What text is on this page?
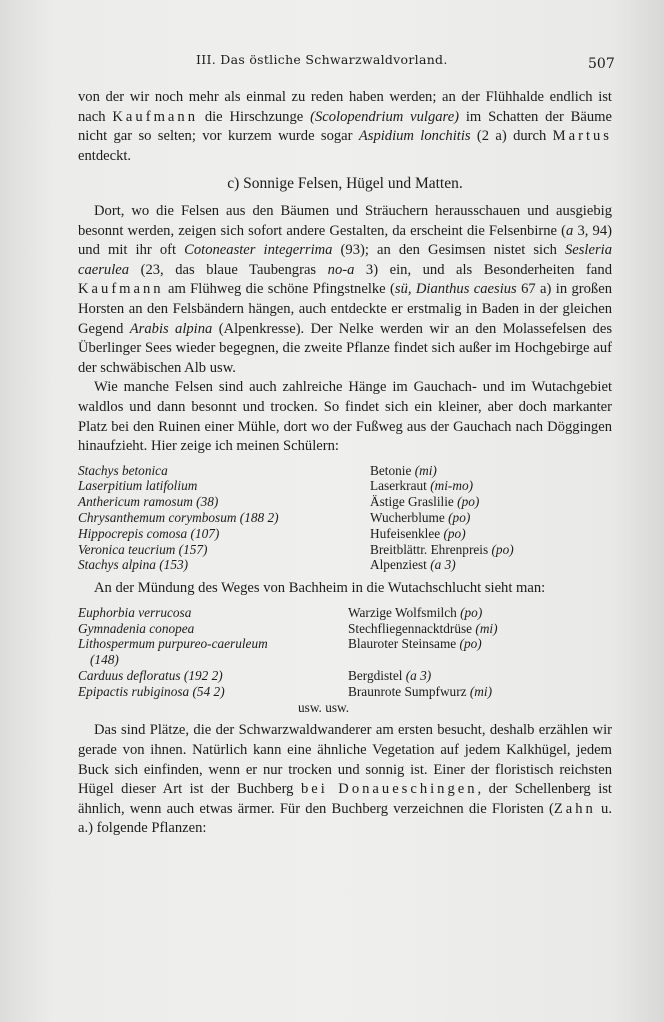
III. Das östliche Schwarzwaldvorland.	507

von der wir noch mehr als einmal zu reden haben werden; an der Flühhalde endlich ist nach Kaufmann die Hirschzunge (Scolopendrium vulgare) im Schatten der Bäume nicht gar so selten; vor kurzem wurde sogar Aspidium lonchitis (2 a) durch Martus entdeckt.

c) Sonnige Felsen, Hügel und Matten.

Dort, wo die Felsen aus den Bäumen und Sträuchern herausschauen und ausgiebig besonnt werden, zeigen sich sofort andere Gestalten, da erscheint die Felsenbirne (a 3, 94) und mit ihr oft Cotoneaster integerrima (93); an den Gesimsen nistet sich Sesleria caerulea (23, das blaue Taubengras no-a 3) ein, und als Besonderheiten fand Kaufmann am Flühweg die schöne Pfingstnelke (sü, Dianthus caesius 67 a) in großen Horsten an den Felsbändern hängen, auch entdeckte er erstmalig in Baden in der gleichen Gegend Arabis alpina (Alpenkresse). Der Nelke werden wir an den Molassefelsen des Überlinger Sees wieder begegnen, die zweite Pflanze findet sich außer im Hochgebirge auf der schwäbischen Alb usw.

Wie manche Felsen sind auch zahlreiche Hänge im Gauchach- und im Wutachgebiet waldlos und dann besonnt und trocken. So findet sich ein kleiner, aber doch markanter Platz bei den Ruinen einer Mühle, dort wo der Fußweg aus der Gauchach nach Döggingen hinaufzieht. Hier zeige ich meinen Schülern:

Stachys betonica	Betonie (mi)
Laserpitium latifolium	Laserkraut (mi-mo)
Anthericum ramosum (38)	Ästige Graslilie (po)
Chrysanthemum corymbosum (188 2)	Wucherblume (po)
Hippocrepis comosa (107)	Hufeisenklee (po)
Veronica teucrium (157)	Breitblättr. Ehrenpreis (po)
Stachys alpina (153)	Alpenziest (a 3)

An der Mündung des Weges von Bachheim in die Wutachschlucht sieht man:

Euphorbia verrucosa	Warzige Wolfsmilch (po)
Gymnadenia conopea	Stechfliegennacktdrüse (mi)
Lithospermum purpureo-caeruleum	Blauroter Steinsame (po)
(148)
Carduus defloratus (192 2)	Bergdistel (a 3)
Epipactis rubiginosa (54 2)	Braunrote Sumpfwurz (mi)
usw. usw.

Das sind Plätze, die der Schwarzwaldwanderer am ersten besucht, deshalb erzählen wir gerade von ihnen. Natürlich kann eine ähnliche Vegetation auf jedem Kalkhügel, jedem Buck sich einfinden, wenn er nur trocken und sonnig ist. Einer der floristisch reichsten Hügel dieser Art ist der Buchberg bei Donaueschingen, der Schellenberg ist ähnlich, wenn auch etwas ärmer. Für den Buchberg verzeichnen die Floristen (Zahn u. a.) folgende Pflanzen:
